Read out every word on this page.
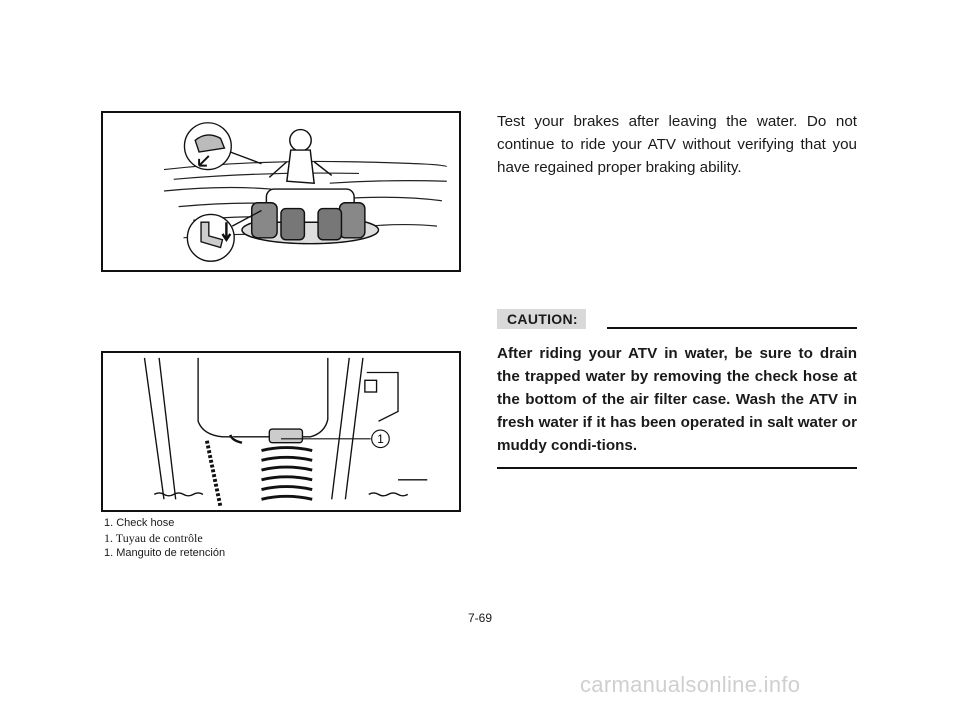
1
1. Check hose
1. Tuyau de contrôle
1. Manguito de retención
Test your brakes after leaving the water. Do not continue to ride your ATV without verifying that you have regained proper braking ability.
CAUTION:
After riding your ATV in water, be sure to drain the trapped water by removing the check hose at the bottom of the air filter case. Wash the ATV in fresh water if it has been operated in salt water or muddy condi-tions.
7-69
carmanualsonline.info
